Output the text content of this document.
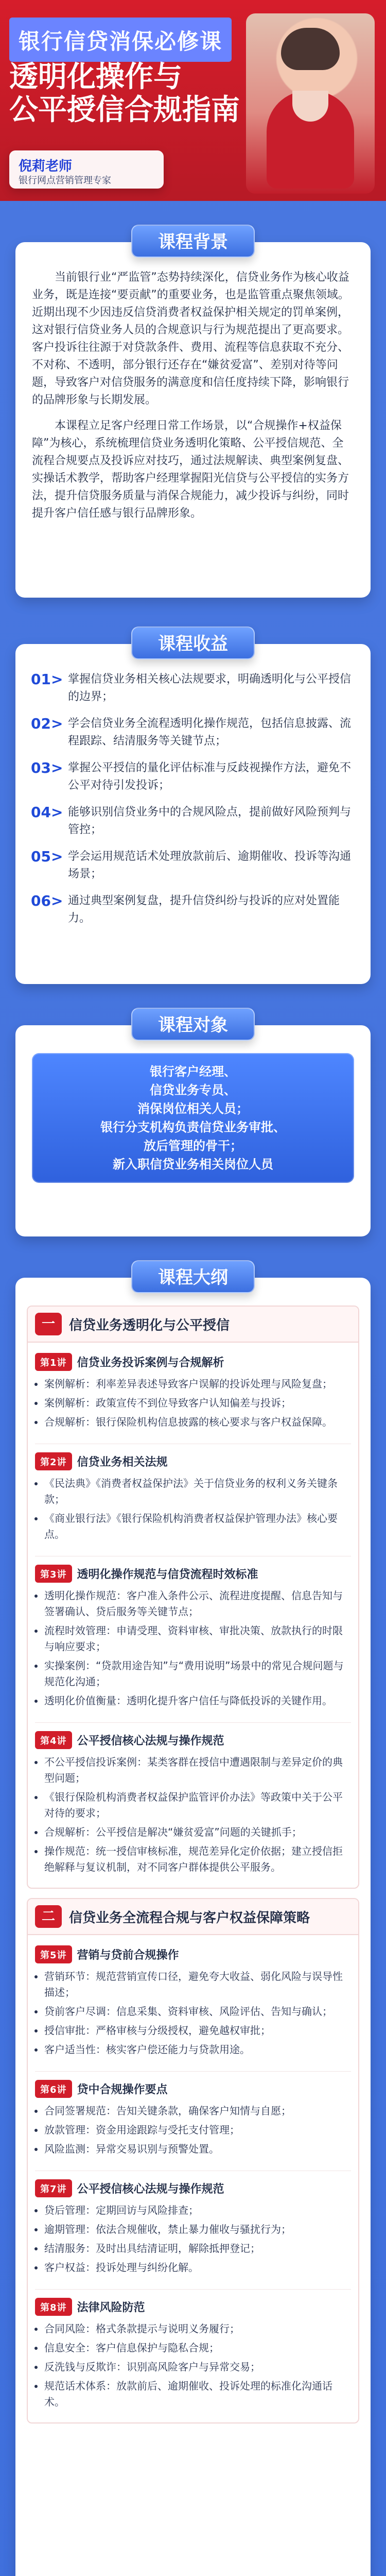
银行信贷消保必修课
透明化操作与
公平授信合规指南
倪莉老师
银行网点营销管理专家
课程背景

当前银行业“严监管”态势持续深化，信贷业务作为核心收益业务，既是连接“要贡献”的重要业务，也是监管重点聚焦领域。近期出现不少因违反信贷消费者权益保护相关规定的罚单案例，这对银行信贷业务人员的合规意识与行为规范提出了更高要求。客户投诉往往源于对贷款条件、费用、流程等信息获取不充分、不对称、不透明，部分银行还存在“嫌贫爱富”、差别对待等问题，导致客户对信贷服务的满意度和信任度持续下降，影响银行的品牌形象与长期发展。

本课程立足客户经理日常工作场景，以“合规操作+权益保障”为核心，系统梳理信贷业务透明化策略、公平授信规范、全流程合规要点及投诉应对技巧，通过法规解读、典型案例复盘、实操话术教学，帮助客户经理掌握阳光信贷与公平授信的实务方法，提升信贷服务质量与消保合规能力，减少投诉与纠纷，同时提升客户信任感与银行品牌形象。

课程收益
01> 掌握信贷业务相关核心法规要求，明确透明化与公平授信的边界；
02> 学会信贷业务全流程透明化操作规范，包括信息披露、流程跟踪、结清服务等关键节点；
03> 掌握公平授信的量化评估标准与反歧视操作方法，避免不公平对待引发投诉；
04> 能够识别信贷业务中的合规风险点，提前做好风险预判与管控；
05> 学会运用规范话术处理放款前后、逾期催收、投诉等沟通场景；
06> 通过典型案例复盘，提升信贷纠纷与投诉的应对处置能力。
课程对象
银行客户经理、
信贷业务专员、
消保岗位相关人员；
银行分支机构负责信贷业务审批、
放后管理的骨干；
新入职信贷业务相关岗位人员
课程大纲
一	信贷业务透明化与公平授信
第1讲 信贷业务投诉案例与合规解析
• 案例解析：利率差异表述导致客户误解的投诉处理与风险复盘；
• 案例解析：政策宣传不到位导致客户认知偏差与投诉；
• 合规解析：银行保险机构信息披露的核心要求与客户权益保障。
第2讲 信贷业务相关法规
• 《民法典》《消费者权益保护法》关于信贷业务的权利义务关键条款；
• 《商业银行法》《银行保险机构消费者权益保护管理办法》核心要点。
第3讲 透明化操作规范与信贷流程时效标准
• 透明化操作规范：客户准入条件公示、流程进度提醒、信息告知与签署确认、贷后服务等关键节点；
• 流程时效管理：申请受理、资料审核、审批决策、放款执行的时限与响应要求；
• 实操案例：“贷款用途告知”与“费用说明”场景中的常见合规问题与规范化沟通；
• 透明化价值衡量：透明化提升客户信任与降低投诉的关键作用。
第4讲 公平授信核心法规与操作规范
• 不公平授信投诉案例：某类客群在授信中遭遇限制与差异定价的典型问题；
• 《银行保险机构消费者权益保护监管评价办法》等政策中关于公平对待的要求；
• 合规解析：公平授信是解决“嫌贫爱富”问题的关键抓手；
• 操作规范：统一授信审核标准，规范差异化定价依据；建立授信拒绝解释与复议机制，对不同客户群体提供公平服务。
二	信贷业务全流程合规与客户权益保障策略
第5讲 营销与贷前合规操作
• 营销环节：规范营销宣传口径，避免夸大收益、弱化风险与误导性描述；
• 贷前客户尽调：信息采集、资料审核、风险评估、告知与确认；
• 授信审批：严格审核与分级授权，避免越权审批；
• 客户适当性：核实客户偿还能力与贷款用途。
第6讲 贷中合规操作要点
• 合同签署规范：告知关键条款，确保客户知情与自愿；
• 放款管理：资金用途跟踪与受托支付管理；
• 风险监测：异常交易识别与预警处置。
第7讲 公平授信核心法规与操作规范
• 贷后管理：定期回访与风险排查；
• 逾期管理：依法合规催收，禁止暴力催收与骚扰行为；
• 结清服务：及时出具结清证明，解除抵押登记；
• 客户权益：投诉处理与纠纷化解。
第8讲 法律风险防范
• 合同风险：格式条款提示与说明义务履行；
• 信息安全：客户信息保护与隐私合规；
• 反洗钱与反欺诈：识别高风险客户与异常交易；
• 规范话术体系：放款前后、逾期催收、投诉处理的标准化沟通话术。
